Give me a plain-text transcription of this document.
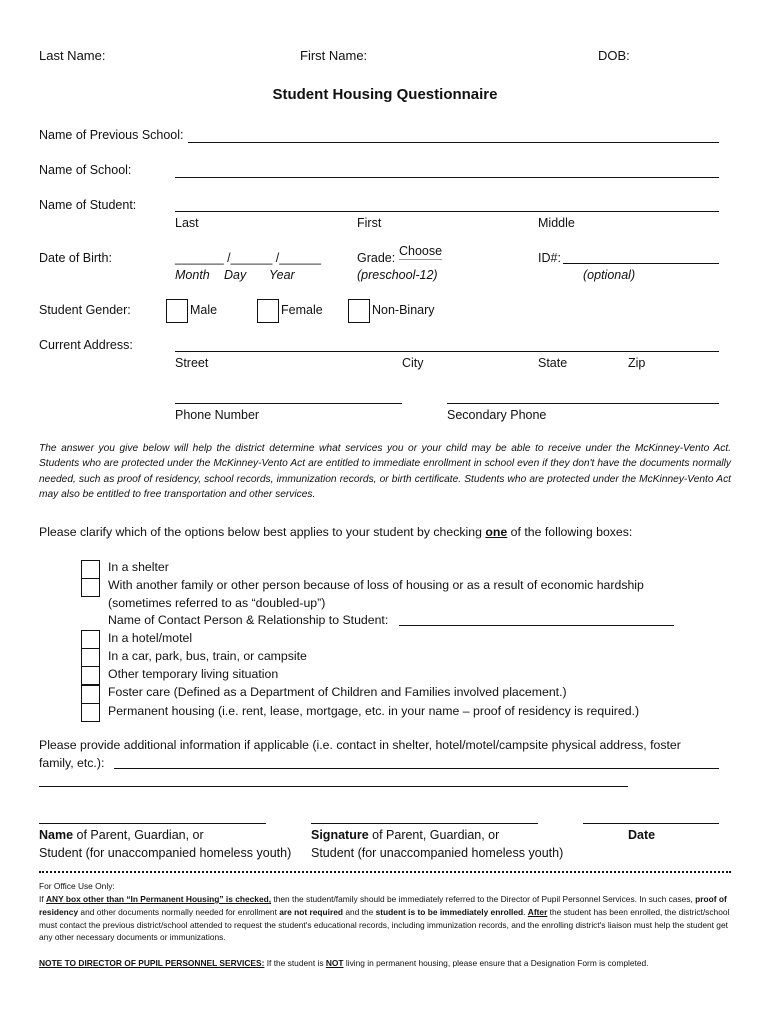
Last Name:	First Name:	DOB:
Student Housing Questionnaire
Name of Previous School:
Name of School:
Name of Student:
Last	First	Middle
Date of Birth:	_______ /______ /______
Month Day Year
Grade: Choose
(preschool-12)
ID#:
(optional)
Student Gender:	Male	Female	Non-Binary
Current Address:
Street	City	State	Zip
Phone Number	Secondary Phone
The answer you give below will help the district determine what services you or your child may be able to receive under the McKinney-Vento Act. Students who are protected under the McKinney-Vento Act are entitled to immediate enrollment in school even if they don't have the documents normally needed, such as proof of residency, school records, immunization records, or birth certificate. Students who are protected under the McKinney-Vento Act may also be entitled to free transportation and other services.
Please clarify which of the options below best applies to your student by checking one of the following boxes:
In a shelter
With another family or other person because of loss of housing or as a result of economic hardship
(sometimes referred to as “doubled-up”)
Name of Contact Person & Relationship to Student:
In a hotel/motel
In a car, park, bus, train, or campsite
Other temporary living situation
Foster care (Defined as a Department of Children and Families involved placement.)
Permanent housing (i.e. rent, lease, mortgage, etc. in your name – proof of residency is required.)
Please provide additional information if applicable (i.e. contact in shelter, hotel/motel/campsite physical address, foster
family, etc.):
Name of Parent, Guardian, or	Signature of Parent, Guardian, or	Date
Student (for unaccompanied homeless youth) Student (for unaccompanied homeless youth)
For Office Use Only:
If ANY box other than “In Permanent Housing” is checked, then the student/family should be immediately referred to the Director of Pupil Personnel Services. In such cases, proof of residency and other documents normally needed for enrollment are not required and the student is to be immediately enrolled. After the student has been enrolled, the district/school must contact the previous district/school attended to request the student's educational records, including immunization records, and the enrolling district's liaison must help the student get any other necessary documents or immunizations.
NOTE TO DIRECTOR OF PUPIL PERSONNEL SERVICES: If the student is NOT living in permanent housing, please ensure that a Designation Form is completed.
